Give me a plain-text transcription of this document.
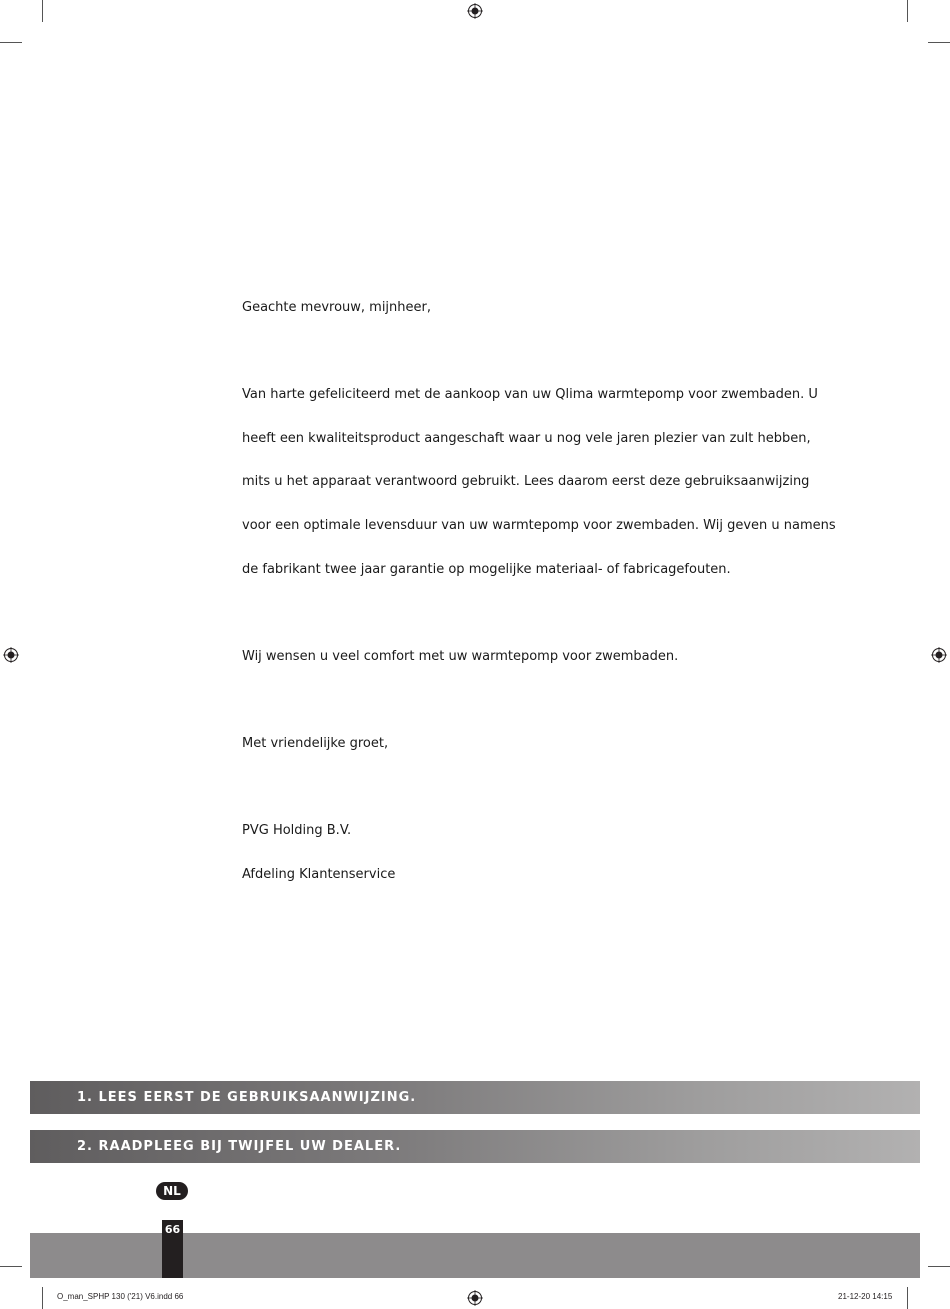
Geachte mevrouw, mijnheer,
Van harte gefeliciteerd met de aankoop van uw Qlima warmtepomp voor zwembaden. U
heeft een kwaliteitsproduct aangeschaft waar u nog vele jaren plezier van zult hebben,
mits u het apparaat verantwoord gebruikt. Lees daarom eerst deze gebruiksaanwijzing
voor een optimale levensduur van uw warmtepomp voor zwembaden. Wij geven u namens
de fabrikant twee jaar garantie op mogelijke materiaal- of fabricagefouten.
Wij wensen u veel comfort met uw warmtepomp voor zwembaden.
Met vriendelijke groet,
PVG Holding B.V.
Afdeling Klantenservice
1. LEES EERST DE GEBRUIKSAANWIJZING.
2. RAADPLEEG BIJ TWIJFEL UW DEALER.
NL
66
O_man_SPHP 130 ('21) V6.indd 66	21-12-20 14:15
